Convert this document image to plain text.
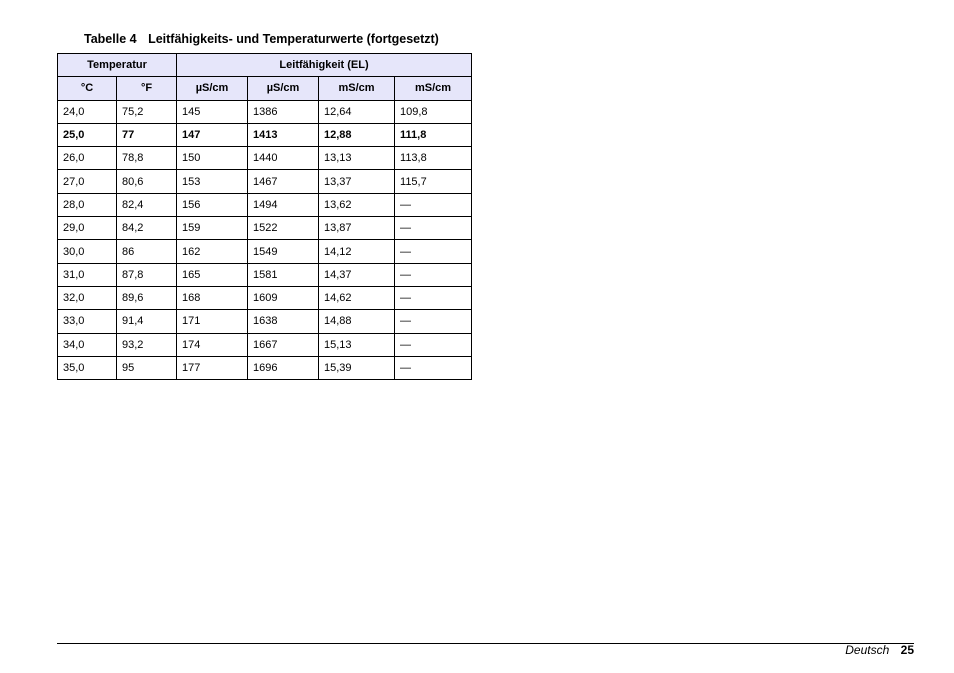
Tabelle 4 Leitfähigkeits- und Temperaturwerte (fortgesetzt)
Temperatur		Leitfähigkeit (EL)			
°C	°F	µS/cm	µS/cm	mS/cm	mS/cm
24,0	75,2	145	1386	12,64	109,8
25,0	77	147	1413	12,88	111,8
26,0	78,8	150	1440	13,13	113,8
27,0	80,6	153	1467	13,37	115,7
28,0	82,4	156	1494	13,62	—
29,0	84,2	159	1522	13,87	—
30,0	86	162	1549	14,12	—
31,0	87,8	165	1581	14,37	—
32,0	89,6	168	1609	14,62	—
33,0	91,4	171	1638	14,88	—
34,0	93,2	174	1667	15,13	—
35,0	95	177	1696	15,39	—
Deutsch 25
